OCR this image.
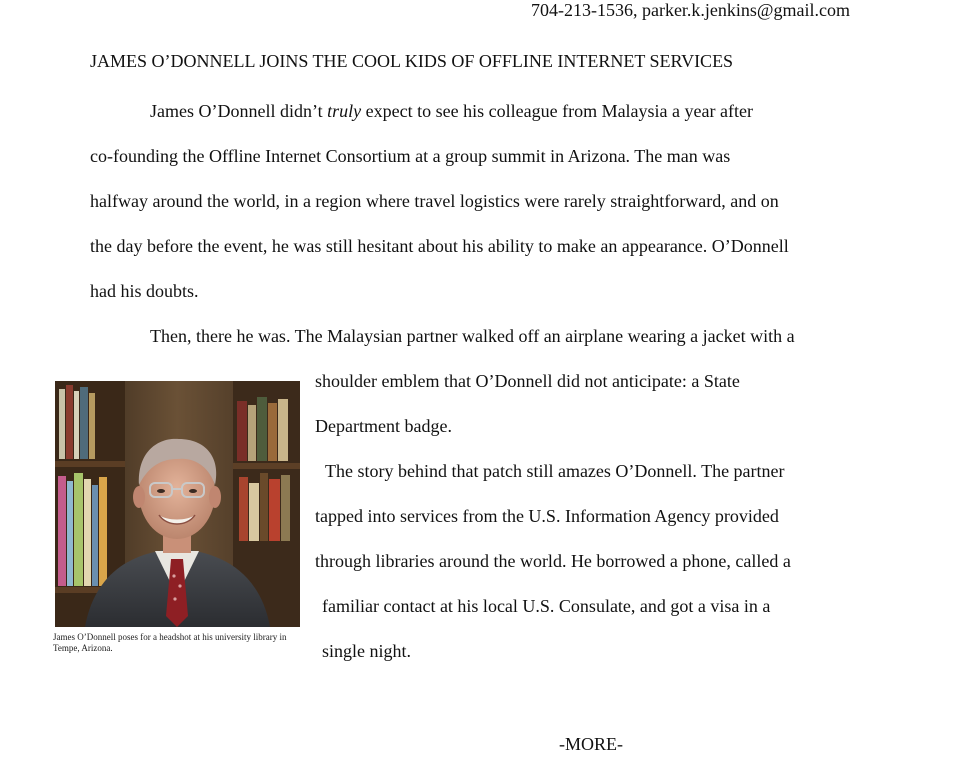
704-213-1536, parker.k.jenkins@gmail.com
JAMES O’DONNELL JOINS THE COOL KIDS OF OFFLINE INTERNET SERVICES

James O’Donnell didn’t truly expect to see his colleague from Malaysia a year after
co-founding the Offline Internet Consortium at a group summit in Arizona. The man was
halfway around the world, in a region where travel logistics were rarely straightforward, and on
the day before the event, he was still hesitant about his ability to make an appearance. O’Donnell
had his doubts.

Then, there he was. The Malaysian partner walked off an airplane wearing a jacket with a

shoulder emblem that O’Donnell did not anticipate: a State
Department badge.
The story behind that patch still amazes O’Donnell. The partner
tapped into services from the U.S. Information Agency provided
through libraries around the world. He borrowed a phone, called a
familiar contact at his local U.S. Consulate, and got a visa in a
single night.
James O’Donnell poses for a headshot at his university library in Tempe, Arizona.
-MORE-
